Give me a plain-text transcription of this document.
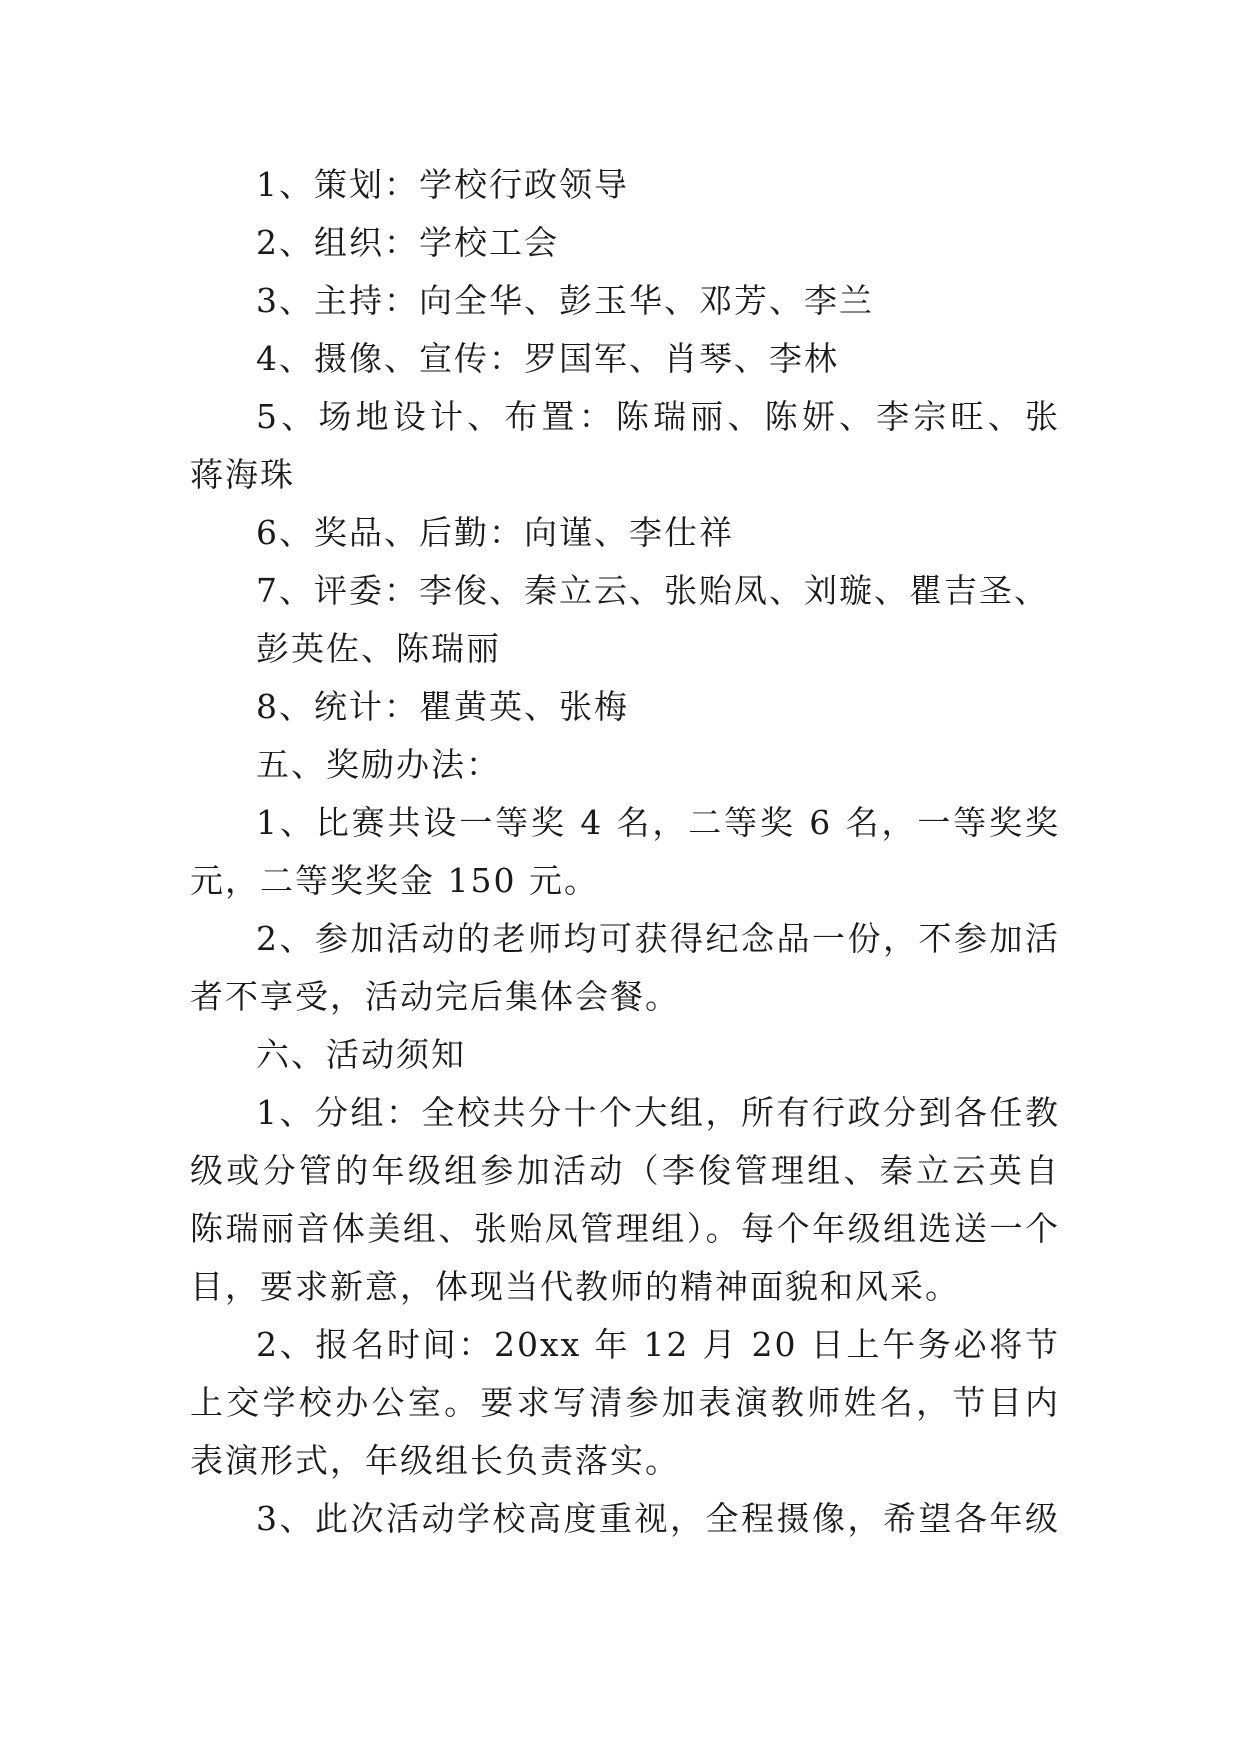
1、策划：学校行政领导
2、组织：学校工会
3、主持：向全华、彭玉华、邓芳、李兰
4、摄像、宣传：罗国军、肖琴、李林
5、场地设计、布置：陈瑞丽、陈妍、李宗旺、张
蒋海珠
6、奖品、后勤：向谨、李仕祥
7、评委：李俊、秦立云、张贻凤、刘璇、瞿吉圣、
彭英佐、陈瑞丽
8、统计：瞿黄英、张梅
五、奖励办法：
1、比赛共设一等奖 4 名，二等奖 6 名，一等奖奖
元，二等奖奖金 150 元。
2、参加活动的老师均可获得纪念品一份，不参加活
者不享受，活动完后集体会餐。
六、活动须知
1、分组：全校共分十个大组，所有行政分到各任教
级或分管的年级组参加活动（李俊管理组、秦立云英自
陈瑞丽音体美组、张贻凤管理组）。每个年级组选送一个
目，要求新意，体现当代教师的精神面貌和风采。
2、报名时间：20xx 年 12 月 20 日上午务必将节
上交学校办公室。要求写清参加表演教师姓名，节目内
表演形式，年级组长负责落实。
3、此次活动学校高度重视，全程摄像，希望各年级
